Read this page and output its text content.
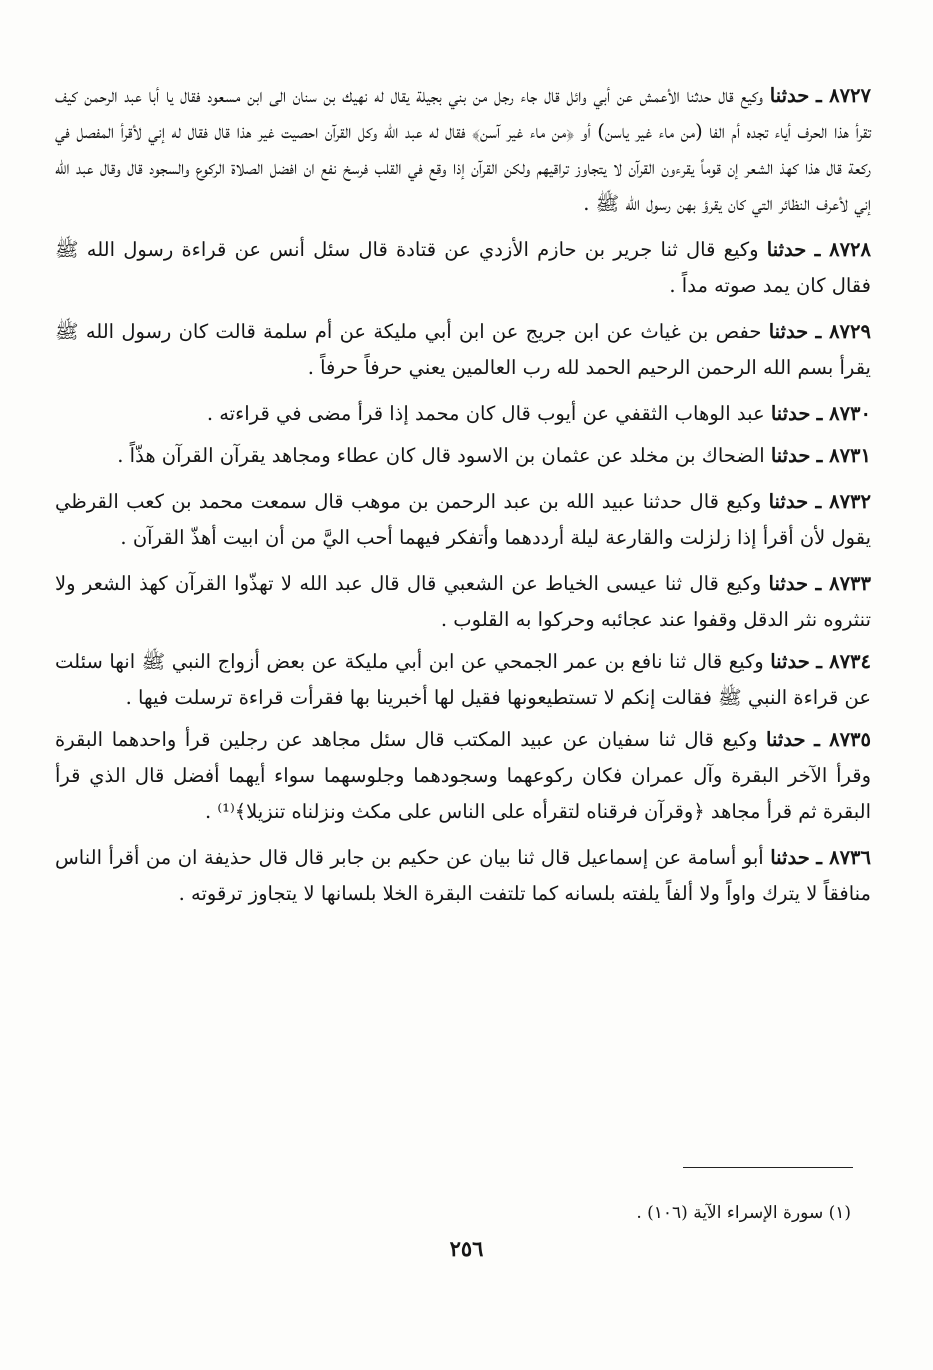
٨٧٢٧ ـ حدثنا وكيع قال حدثنا الأعمش عن أبي وائل قال جاء رجل من بني بجيلة يقال له نهيك بن سنان الى ابن مسعود فقال يا أبا عبد الرحمن كيف تقرأ هذا الحرف أياء تجده أم الفا (من ماء غير ياسن) أو ﴿من ماء غير آسن﴾ فقال له عبد الله وكل القرآن احصيت غير هذا قال فقال له إني لأقرأ المفصل في ركعة قال هذا كهذ الشعر إن قوماً يقرءون القرآن لا يتجاوز تراقيهم ولكن القرآن إذا وقع في القلب فرسخ نفع ان افضل الصلاة الركوع والسجود قال وقال عبد الله إني لأعرف النظائر التي كان يقرؤ بهن رسول الله ﷺ .

٨٧٢٨ ـ حدثنا وكيع قال ثنا جرير بن حازم الأزدي عن قتادة قال سئل أنس عن قراءة رسول الله ﷺ فقال كان يمد صوته مداً .

٨٧٢٩ ـ حدثنا حفص بن غياث عن ابن جريج عن ابن أبي مليكة عن أم سلمة قالت كان رسول الله ﷺ يقرأ بسم الله الرحمن الرحيم الحمد لله رب العالمين يعني حرفاً حرفاً .

٨٧٣٠ ـ حدثنا عبد الوهاب الثقفي عن أيوب قال كان محمد إذا قرأ مضى في قراءته .

٨٧٣١ ـ حدثنا الضحاك بن مخلد عن عثمان بن الاسود قال كان عطاء ومجاهد يقرآن القرآن هذّاً .

٨٧٣٢ ـ حدثنا وكيع قال حدثنا عبيد الله بن عبد الرحمن بن موهب قال سمعت محمد بن كعب القرظي يقول لأن أقرأ إذا زلزلت والقارعة ليلة أرددهما وأتفكر فيهما أحب اليَّ من أن ابيت أهذّ القرآن .

٨٧٣٣ ـ حدثنا وكيع قال ثنا عيسى الخياط عن الشعبي قال قال عبد الله لا تهذّوا القرآن كهذ الشعر ولا تنثروه نثر الدقل وقفوا عند عجائبه وحركوا به القلوب .

٨٧٣٤ ـ حدثنا وكيع قال ثنا نافع بن عمر الجمحي عن ابن أبي مليكة عن بعض أزواج النبي ﷺ انها سئلت عن قراءة النبي ﷺ فقالت إنكم لا تستطيعونها فقيل لها أخبرينا بها فقرأت قراءة ترسلت فيها .

٨٧٣٥ ـ حدثنا وكيع قال ثنا سفيان عن عبيد المكتب قال سئل مجاهد عن رجلين قرأ واحدهما البقرة وقرأ الآخر البقرة وآل عمران فكان ركوعهما وسجودهما وجلوسهما سواء أيهما أفضل قال الذي قرأ البقرة ثم قرأ مجاهد ﴿وقرآن فرقناه لتقرأه على الناس على مكث ونزلناه تنزيلا﴾⁽¹⁾ .

٨٧٣٦ ـ حدثنا أبو أسامة عن إسماعيل قال ثنا بيان عن حكيم بن جابر قال قال حذيفة ان من أقرأ الناس منافقاً لا يترك واواً ولا ألفاً يلفته بلسانه كما تلتفت البقرة الخلا بلسانها لا يتجاوز ترقوته .

(١) سورة الإسراء الآية (١٠٦) .
٢٥٦
